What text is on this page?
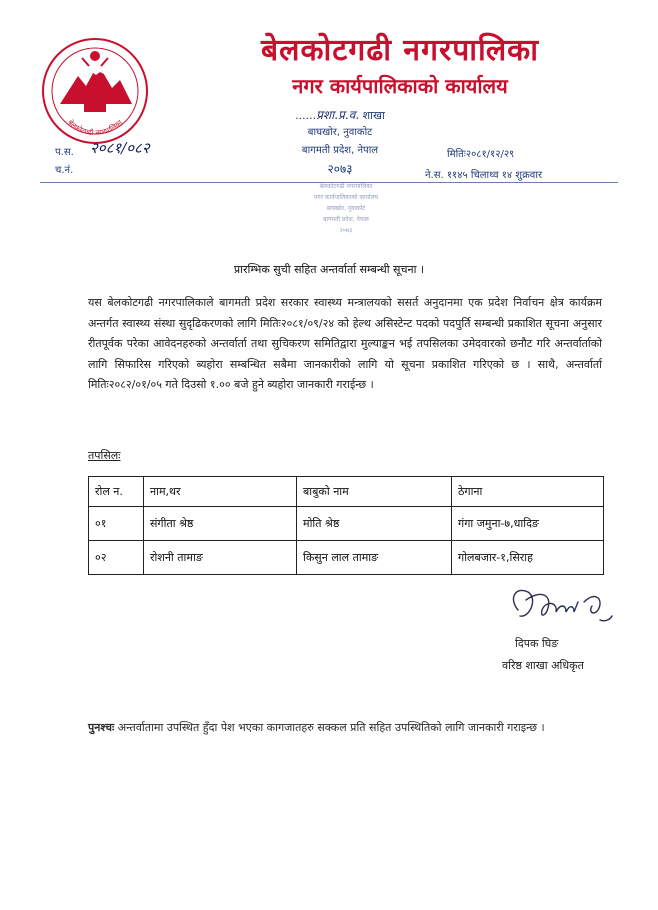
बेलकोटगढी नगरपालिका
बेलकोटगढी नगरपालिका
नगर कार्यपालिकाको कार्यालय
......प्रशा.प्र.व. शाखा
बाघखोर, नुवाकोट
बागमती प्रदेश, नेपाल
२०७३
प.स. २०८१/०८२
च.नं.
मितिः२०८१/१२/२९
ने.स. ११४५ चिलाथ्व १४ शुक्रवार
बेलकोटगढी नगरपालिका
नगर कार्यपालिकाको कार्यालय
बाघखोर, नुवाकोट
बागमती प्रदेश, नेपाल
२०७३
प्रारम्भिक सुची सहित अन्तर्वार्ता सम्बन्धी सूचना ।
यस बेलकोटगढी नगरपालिकाले बागमती प्रदेश सरकार स्वास्थ्य मन्त्रालयको ससर्त अनुदानमा एक प्रदेश निर्वाचन क्षेत्र कार्यक्रम अन्तर्गत स्वास्थ्य संस्था सुदृढिकरणको लागि मितिः२०८१/०९/२४ को हेल्थ असिस्टेन्ट पदको पदपुर्ति सम्बन्धी प्रकाशित सूचना अनुसार रीतपूर्वक परेका आवेदनहरुको अन्तर्वार्ता तथा सुचिकरण समितिद्वारा मुल्याङ्कन भई तपसिलका उमेदवारको छनौट गरि अन्तर्वार्ताको लागि सिफारिस गरिएको ब्यहोरा सम्बन्धित सबैमा जानकारीको लागि यो सूचना प्रकाशित गरिएको छ । साथै, अन्तर्वार्ता मितिः२०८२/०१/०५ गते दिउसो १.०० बजे हुने ब्यहोरा जानकारी गराईन्छ ।
तपसिलः
रोल न.	नाम,थर	बाबुको नाम	ठेगाना
०१	संगीता श्रेष्ठ	मोति श्रेष्ठ	गंगा जमुना-७,धादिङ
०२	रोशनी तामाङ	किसुन लाल तामाङ	गोलबजार-१,सिराह
दिपक घिङ
वरिष्ठ शाखा अधिकृत
पुनश्चः अन्तर्वातामा उपस्थित हुँदा पेश भएका कागजातहरु सक्कल प्रति सहित उपस्थितिको लागि जानकारी गराइन्छ ।
